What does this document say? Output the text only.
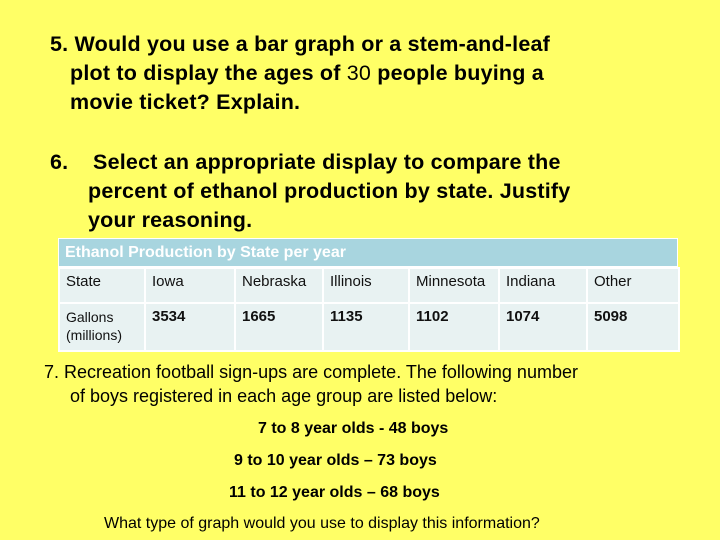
5. Would you use a bar graph or a stem-and-leaf
plot to display the ages of 30 people buying a
movie ticket? Explain.
6. Select an appropriate display to compare the
percent of ethanol production by state. Justify
your reasoning.
Ethanol Production by State per year
State	Iowa	Nebraska	Illinois	Minnesota	Indiana	Other
Gallons (millions)	3534	1665	1135	1102	1074	5098
7. Recreation football sign-ups are complete. The following number
of boys registered in each age group are listed below:
7 to 8 year olds - 48 boys
9 to 10 year olds – 73 boys
11 to 12 year olds – 68 boys
What type of graph would you use to display this information?
